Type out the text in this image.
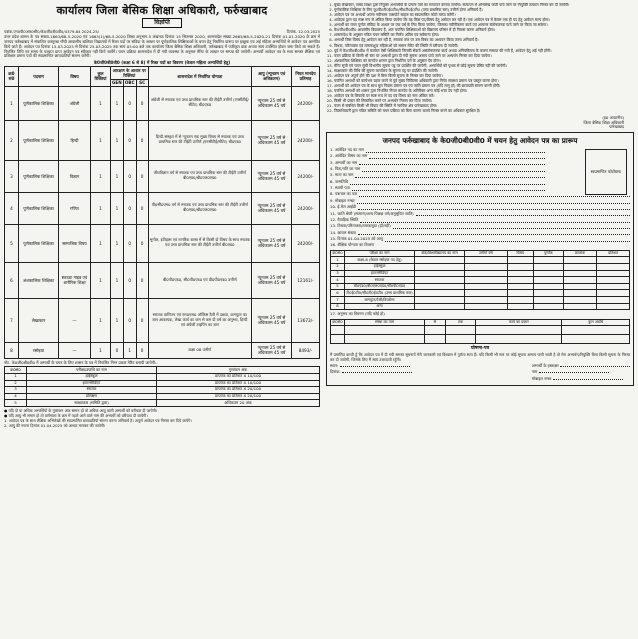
कार्यालय जिला बेसिक शिक्षा अधिकारी, फर्रुखाबाद
विज्ञप्ति
पत्रांक-एन0पी0आर0सी0/के0जी0बी0वी0/4379-84 2024-25/	दिनांक- 12.03.2025
उत्तर प्रदेश शासन के पत्र संख्या-1663/68-5-2020 एवं 1663(1)/68-5-2020 शिक्षा अनुभाग-5 लखनऊ दिनांक 15 सितम्बर 2020, शासनादेश संख्या-2665/68-5-2020-21 दिनांक 01.01.2020 के क्रम में जनपद फर्रुखाबाद में संचालित कस्तूरबा गाँधी आवासीय बालिका विद्यालयों में रिक्त पदों पर संविदा के आधार पर पूर्णकालिक शिक्षिकाओं के चयन हेतु निर्धारित प्रारूप पर इच्छुक एवं अर्ह महिला अभ्यर्थियों से आवेदन पत्र आमंत्रित किये जाते हैं। आवेदन पत्र दिनांक 15.03.2025 से दिनांक 25.03.2025 तक सायं 05:00 बजे तक कार्यालय जिला बेसिक शिक्षा अधिकारी, फर्रुखाबाद में पंजीकृत डाक अथवा स्वयं उपस्थित होकर जमा किये जा सकते हैं। निर्धारित तिथि एवं समय के पश्चात प्राप्त आवेदन पत्र स्वीकार नहीं किये जायेंगे। चयन प्रक्रिया शासनादेश में दी गयी व्यवस्था के अनुसार मेरिट के आधार पर सम्पन्न की जायेगी। अभ्यर्थी आवेदन पत्र के साथ समस्त शैक्षिक एवं प्रशिक्षण प्रमाण पत्रों की स्वप्रमाणित छायाप्रतियाँ संलग्न करेंगी।
के0जी0बी0वी0 (कक्षा 6 से 8) में रिक्त पदों का विवरण (केवल महिला अभ्यर्थियों हेतु)
क्र0 सं0	पदनाम	विषय	कुल रिक्तियां	आरक्षण के आधार पर रिक्तियां			शासनादेश में निर्धारित योग्यता	आयु (न्यूनतम एवं अधिकतम)	नियत मानदेय प्रतिमाह
				GEN	OBC	SC			
1	पूर्णकालिक शिक्षिका	अंग्रेजी	1	1	0	0	अंग्रेजी से स्नातक एवं उच्च प्राथमिक स्तर की टीईटी उत्तीर्ण (एनसीटीई/सीटेट) बी0एड0	न्यूनतम 25 वर्ष से अधिकतम 45 वर्ष	24200/-
2	पूर्णकालिक शिक्षिका	हिन्दी	1	1	0	0	हिन्दी-संस्कृत में से न्यूनतम एक मुख्य विषय से स्नातक एवं उच्च प्राथमिक स्तर की टीईटी उत्तीर्ण (एनसीटीई/सीटेट) बी0एड0	न्यूनतम 25 वर्ष से अधिकतम 45 वर्ष	24200/-
3	पूर्णकालिक शिक्षिका	विज्ञान	1	1	0	0	जीवविज्ञान वर्ग से स्नातक एवं उच्च प्राथमिक स्तर की टीईटी उत्तीर्ण बी0एड0/बी0एल0एड0	न्यूनतम 25 वर्ष से अधिकतम 45 वर्ष	24200/-
4	पूर्णकालिक शिक्षिका	गणित	1	1	0	0	पी0सी0एम0 वर्ग से स्नातक एवं उच्च प्राथमिक स्तर की टीईटी उत्तीर्ण बी0एड0/बी0एल0एड0	न्यूनतम 25 वर्ष से अधिकतम 45 वर्ष	24200/-
5	पूर्णकालिक शिक्षिका	सामाजिक विषय	1	1	0	0	भूगोल, इतिहास एवं नागरिक शास्त्र में से किसी दो विषय के साथ स्नातक एवं उच्च प्राथमिक स्तर की टीईटी उत्तीर्ण बी0एड0	न्यूनतम 25 वर्ष से अधिकतम 45 वर्ष	24200/-
6	अंशकालिक शिक्षिका	स्काउट गाइड एवं शारीरिक शिक्षा	1	1	0	0	बी0पी0एड0, सी0पी0एड0 एवं डी0पी0एड0 उत्तीर्ण	न्यूनतम 25 वर्ष से अधिकतम 45 वर्ष	12161/-
7	लेखाकार	—	1	1	0	0	स्नातक वाणिज्य एवं एम0एस0 ऑफिस टैली में दक्षता, कम्प्यूटर का ज्ञान आवश्यक, लेखा कार्य का कम से कम दो वर्ष का अनुभव, हिन्दी एवं अंग्रेजी टाइपिंग का ज्ञान	न्यूनतम 25 वर्ष से अधिकतम 45 वर्ष	13673/-
8	रसोइया	—	1	0	1	0	कक्षा 08 उत्तीर्ण	न्यूनतम 25 वर्ष से अधिकतम 45 वर्ष	8493/-
नोट- के0जी0बी0वी0 में अभ्यर्थी के चयन के लिए शासन के पत्र में निर्धारित निम्न प्रकार मेरिट बनायी जायेगी:-
क्र0सं0	परीक्षा/उपाधि का नाम	गुणांकन अंक
1	हाईस्कूल	प्राप्तांक का प्रतिशत X 10/100
2	इण्टरमीडिएट	प्राप्तांक का प्रतिशत X 10/100
3	स्नातक	प्राप्तांक का प्रतिशत X 20/100
4	प्रशिक्षण	प्राप्तांक का प्रतिशत X 20/100
5	साक्षात्कार (समिति द्वारा)	अधिकतम 20 अंक
● यदि दो या अधिक अभ्यर्थियों के गुणांकन अंक समान हों तो अधिक आयु वाली अभ्यर्थी को वरीयता दी जायेगी।
● यदि आयु भी समान हो तो वर्णमाला के क्रम में पहले आने वाले नाम की अभ्यर्थी को वरीयता दी जायेगी।
1. आवेदन पत्र के साथ शैक्षिक अभिलेखों की स्वप्रमाणित छायाप्रतियाँ संलग्न करना अनिवार्य है। अपूर्ण आवेदन पत्र निरस्त कर दिये जायेंगे।
2. आयु की गणना दिनांक 01.04.2025 को आधार मानकर की जायेगी।
1. मुख्य लेखाकार, समग्र शिक्षा द्वारा नियुक्त अभ्यर्थियों के प्रमाण पत्रों का सत्यापन कराया जायेगा। सत्यापन में अभिलेख फर्जी पाये जाने पर नियुक्ति तत्काल निरस्त कर दी जायेगी।
2. पूर्णकालिक शिक्षिका के लिए यू0पी0टी0ई0टी0/सी0टी0ई0टी0 (उच्च प्राथमिक स्तर) उत्तीर्ण होना अनिवार्य है।
3. आवेदन पत्र पर अभ्यर्थी अपना नवीनतम पासपोर्ट साइज का स्वप्रमाणित फोटो चस्पा करेंगी।
4. आवेदक द्वारा यह स्पष्ट रूप से अंकित किया जायेगा कि वह किस पद/विषय हेतु आवेदन कर रही है। एक आवेदन पत्र में केवल एक ही पद हेतु आवेदन मान्य होगा।
5. अभ्यर्थी का चयन पूर्णतः संविदा के आधार पर एक वर्ष के लिए किया जायेगा, जिसका नवीनीकरण कार्य एवं आचरण संतोषजनक पाये जाने पर किया जा सकेगा।
6. के0जी0बी0वी0 आवासीय विद्यालय हैं, अतः चयनित शिक्षिकाओं को विद्यालय परिसर में ही निवास करना अनिवार्य होगा।
7. शासनादेश के अनुसार गठित चयन समिति का निर्णय अंतिम एवं सर्वमान्य होगा।
8. अभ्यर्थी जिस विषय हेतु आवेदन कर रही है, स्नातक स्तर पर उस विषय का अध्ययन किया जाना अनिवार्य है।
9. विधवा, परित्यक्ता एवं तलाकशुदा महिलाओं को समान मेरिट की स्थिति में वरीयता दी जायेगी।
10. पूर्व में के0जी0बी0वी0 में कार्यरत ऐसी शिक्षिकायें जिनकी सेवायें असंतोषजनक कार्य अथवा अनियमितता के कारण समाप्त की गयी हैं, आवेदन हेतु अर्ह नहीं होंगी।
11. चयन प्रक्रिया के किसी भी स्तर पर अभ्यर्थी द्वारा दी गयी सूचना असत्य पाये जाने पर अभ्यर्थन निरस्त कर दिया जायेगा।
12. अंशकालिक शिक्षिका का मानदेय शासन द्वारा निर्धारित दरों के अनुसार देय होगा।
13. मेरिट सूची एवं चयन सूची विभागीय सूचना पट्ट पर प्रदर्शित की जायेगी, अभ्यर्थियों को पृथक से कोई सूचना प्रेषित नहीं की जायेगी।
14. साक्षात्कार की तिथि की सूचना कार्यालय के सूचना पट्ट पर प्रदर्शित की जायेगी।
15. आवेदन पत्र अपूर्ण होने की दशा में बिना किसी सूचना के निरस्त कर दिया जायेगा।
16. चयनित अभ्यर्थी को कार्यभार ग्रहण करने से पूर्व मुख्य चिकित्सा अधिकारी द्वारा निर्गत स्वास्थ्य प्रमाण पत्र प्रस्तुत करना होगा।
17. अभ्यर्थी को आवेदन पत्र के साथ मूल निवास प्रमाण पत्र एवं जाति प्रमाण पत्र (यदि लागू हो) की छायाप्रति संलग्न करनी होगी।
18. चयनित अभ्यर्थी को शासन द्वारा निर्धारित नियत मानदेय के अतिरिक्त अन्य कोई भत्ता देय नहीं होगा।
19. आवेदन पत्र के लिफाफे पर स्पष्ट रूप से पद एवं विषय का नाम अंकित करें।
20. किसी भी प्रकार की सिफारिश करने पर अभ्यर्थन निरस्त कर दिया जायेगा।
21. चयन से संबंधित किसी भी विवाद की स्थिति में न्यायिक क्षेत्र फर्रुखाबाद होगा।
22. जिलाधिकारी द्वारा गठित समिति को चयन प्रक्रिया को बिना कारण बताये निरस्त करने का अधिकार सुरक्षित है।
(ह0 अपठनीय)
जिला बेसिक शिक्षा अधिकारी
फर्रुखाबाद
जनपद फर्रुखाबाद के के0जी0बी0वी0 में चयन हेतु आवेदन पत्र का प्रारूप
स्वप्रमाणित फोटोग्राफ
1. आवेदित पद का नाम
2. आवेदित विषय का नाम
3. अभ्यर्थी का नाम
4. पिता/पति का नाम
5. माता का नाम
6. जन्मतिथि
7. स्थायी पता
8. पत्राचार का पता
9. मोबाइल नम्बर
10. ई-मेल आईडी
11. जाति श्रेणी (सामान्य/अन्य पिछड़ा वर्ग/अनुसूचित जाति)
12. वैवाहिक स्थिति
13. विधवा/परित्यक्ता/तलाकशुदा (हाँ/नहीं)
14. आधार संख्या
15. दिनांक 01.04.2025 को आयु
16. शैक्षिक योग्यता का विवरण
क्र0सं0	परीक्षा का नाम	बोर्ड/विश्वविद्यालय का नाम	उत्तीर्ण वर्ष	विषय	पूर्णांक	प्राप्तांक	प्रतिशत
1	कक्षा-8 (केवल रसोइया पद हेतु)						
2	हाईस्कूल						
3	इण्टरमीडिएट						
4	स्नातक						
5	बी0एड0/बी0एल0एड0/बी0पी0एड0						
6	टी0ई0टी0/सी0टी0ई0टी0 (उच्च प्राथमिक स्तर)						
7	कम्प्यूटर/टैली/डिप्लोमा						
8	अन्य						
17. अनुभव का विवरण (यदि कोई हो)
क्र0सं0	संस्था का नाम	से	तक	कार्य का प्रकार	कुल अवधि

घोषणा-पत्र
मैं प्रमाणित करती हूँ कि आवेदन पत्र में दी गयी समस्त सूचनायें मेरी जानकारी एवं विश्वास में पूर्णतः सत्य हैं। यदि किसी भी स्तर पर कोई सूचना असत्य पायी जाती है तो मेरा अभ्यर्थन/नियुक्ति बिना किसी सूचना के निरस्त कर दी जायेगी, जिसके लिए मैं स्वयं उत्तरदायी रहूँगी।
स्थान:
दिनांक:
अभ्यर्थी के हस्ताक्षर
नाम
मोबाइल नम्बर
